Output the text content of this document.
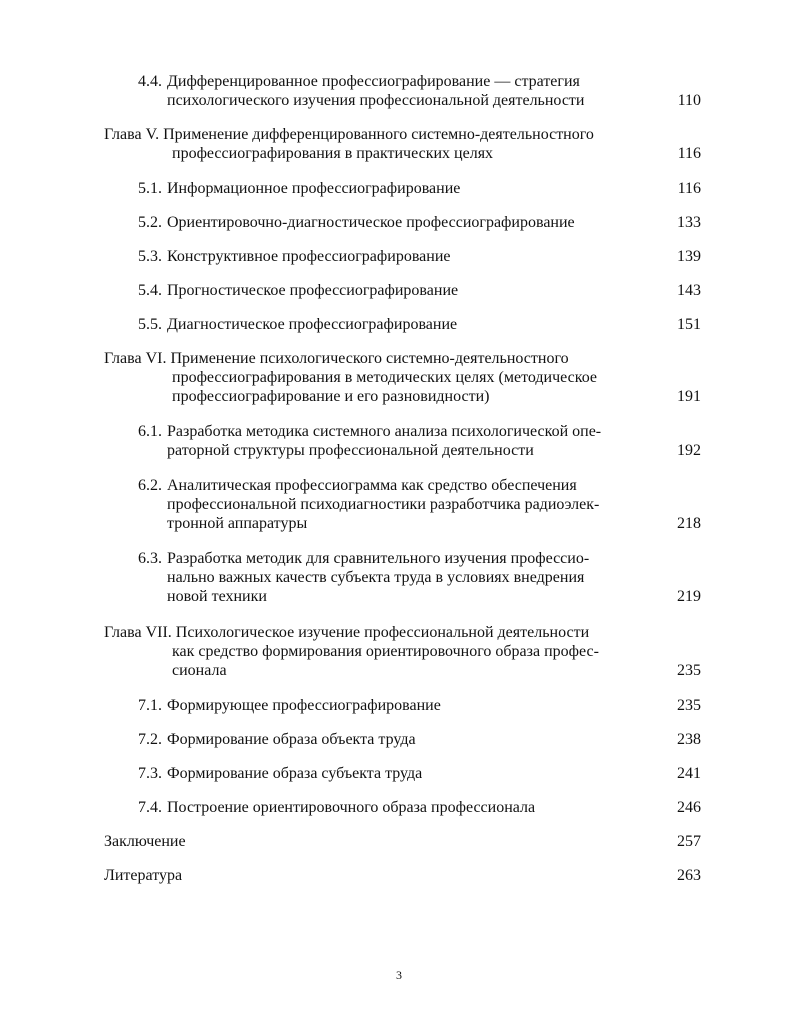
4.4. Дифференцированное профессиографирование — стратегия
психологического изучения профессиональной деятельности	110
Глава V. Применение дифференцированного системно-деятельностного
профессиографирования в практических целях	116
5.1. Информационное профессиографирование	116
5.2. Ориентировочно-диагностическое профессиографирование	133
5.3. Конструктивное профессиографирование	139
5.4. Прогностическое профессиографирование	143
5.5. Диагностическое профессиографирование	151
Глава VI. Применение психологического системно-деятельностного
профессиографирования в методических целях (методическое
профессиографирование и его разновидности)	191
6.1. Разработка методика системного анализа психологической опе-
раторной структуры профессиональной деятельности	192
6.2. Аналитическая профессиограмма как средство обеспечения
профессиональной психодиагностики разработчика радиоэлек-
тронной аппаратуры	218
6.3. Разработка методик для сравнительного изучения профессио-
нально важных качеств субъекта труда в условиях внедрения
новой техники	219
Глава VII. Психологическое изучение профессиональной деятельности
как средство формирования ориентировочного образа профес-
сионала	235
7.1. Формирующее профессиографирование	235
7.2. Формирование образа объекта труда	238
7.3. Формирование образа субъекта труда	241
7.4. Построение ориентировочного образа профессионала	246
Заключение	257
Литература	263
3
